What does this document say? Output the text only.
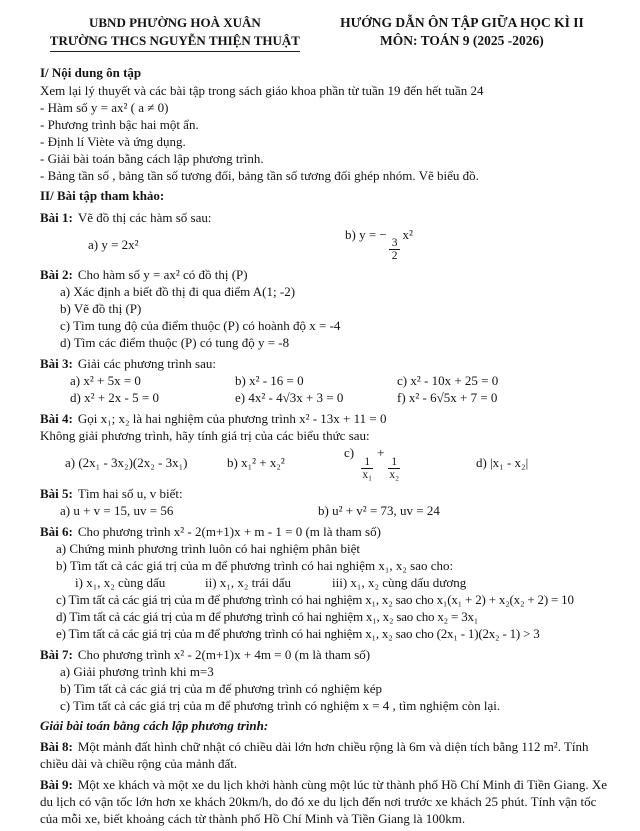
UBND PHƯỜNG HOÀ XUÂN
TRƯỜNG THCS NGUYỄN THIỆN THUẬT
HƯỚNG DẪN ÔN TẬP GIỮA HỌC KÌ II
MÔN: TOÁN 9 (2025 -2026)
I/ Nội dung ôn tập
Xem lại lý thuyết và các bài tập trong sách giáo khoa phần từ tuần 19 đến hết tuần 24
- Hàm số y = ax² ( a ≠ 0)
- Phương trình bậc hai một ẩn.
- Định lí Viète và ứng dụng.
- Giải bài toán bằng cách lập phương trình.
- Bảng tần số , bảng tần số tương đối, bảng tần số tương đối ghép nhóm. Vẽ biểu đồ.
II/ Bài tập tham khảo:
Bài 1: Vẽ đồ thị các hàm số sau:
a) y = 2x²
b) y = −
$\frac{3}{2}$
x²
Bài 2: Cho hàm số y = ax² có đồ thị (P)
a) Xác định a biết đồ thị đi qua điểm A(1; -2)
b) Vẽ đồ thị (P)
c) Tìm tung độ của điểm thuộc (P) có hoành độ x = -4
d) Tìm các điểm thuộc (P) có tung độ y = -8
Bài 3: Giải các phương trình sau:
a) x² + 5x = 0	b) x² - 16 = 0	c) x² - 10x + 25 = 0
d) x² + 2x - 5 = 0	e) 4x² - 4√3x + 3 = 0	f) x² - 6√5x + 7 = 0
Bài 4: Gọi x₁; x₂ là hai nghiệm của phương trình x² - 13x + 11 = 0
Không giải phương trình, hãy tính giá trị của các biểu thức sau:
a) (2x₁ - 3x₂)(2x₂ - 3x₁)	b) x₁² + x₂²
c)
$\frac{1}{\text{x₁}}$
+
$\frac{1}{\text{x₂}}$	d) |x₁ - x₂|
Bài 5: Tìm hai số u, v biết:
a) u + v = 15, uv = 56	b) u² + v² = 73, uv = 24
Bài 6: Cho phương trình x² - 2(m+1)x + m - 1 = 0 (m là tham số)
a) Chứng minh phương trình luôn có hai nghiệm phân biệt
b) Tìm tất cả các giá trị của m để phương trình có hai nghiệm x₁, x₂ sao cho:
i) x₁, x₂ cùng dấu	ii) x₁, x₂ trái dấu	iii) x₁, x₂ cùng dấu dương
c) Tìm tất cả các giá trị của m để phương trình có hai nghiệm x₁, x₂ sao cho x₁(x₁ + 2) + x₂(x₂ + 2) = 10
d) Tìm tất cả các giá trị của m để phương trình có hai nghiệm x₁, x₂ sao cho x₂ = 3x₁
e) Tìm tất cả các giá trị của m để phương trình có hai nghiệm x₁, x₂ sao cho (2x₁ - 1)(2x₂ - 1) > 3
Bài 7: Cho phương trình x² - 2(m+1)x + 4m = 0 (m là tham số)
a) Giải phương trình khi m=3
b) Tìm tất cả các giá trị của m để phương trình có nghiệm kép
c) Tìm tất cả các giá trị của m để phương trình có nghiệm x = 4 , tìm nghiệm còn lại.
Giải bài toán bằng cách lập phương trình:

Bài 8: Một mảnh đất hình chữ nhật có chiều dài lớn hơn chiều rộng là 6m và diện tích bằng 112 m². Tính chiều dài và chiều rộng của mảnh đất.

Bài 9: Một xe khách và một xe du lịch khởi hành cùng một lúc từ thành phố Hồ Chí Minh đi Tiền Giang. Xe du lịch có vận tốc lớn hơn xe khách 20km/h, do đó xe du lịch đến nơi trước xe khách 25 phút. Tính vận tốc của mỗi xe, biết khoảng cách từ thành phố Hồ Chí Minh và Tiền Giang là 100km.
